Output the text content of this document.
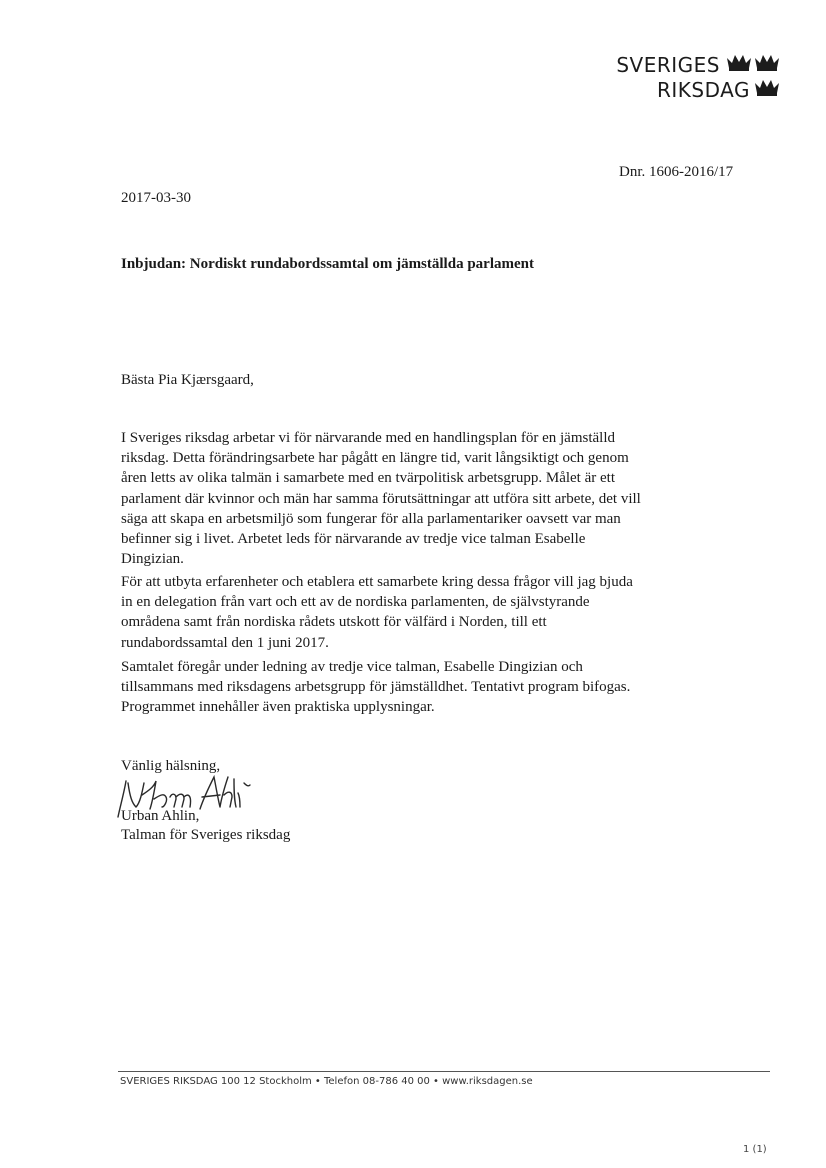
SVERIGES
RIKSDAG
Dnr. 1606-2016/17
2017-03-30
Inbjudan: Nordiskt rundabordssamtal om jämställda parlament
Bästa Pia Kjærsgaard,
I Sveriges riksdag arbetar vi för närvarande med en handlingsplan för en jämställd riksdag. Detta förändringsarbete har pågått en längre tid, varit långsiktigt och genom åren letts av olika talmän i samarbete med en tvärpolitisk arbetsgrupp. Målet är ett parlament där kvinnor och män har samma förutsättningar att utföra sitt arbete, det vill säga att skapa en arbetsmiljö som fungerar för alla parlamentariker oavsett var man befinner sig i livet. Arbetet leds för närvarande av tredje vice talman Esabelle Dingizian.
För att utbyta erfarenheter och etablera ett samarbete kring dessa frågor vill jag bjuda in en delegation från vart och ett av de nordiska parlamenten, de självstyrande områdena samt från nordiska rådets utskott för välfärd i Norden, till ett rundabordssamtal den 1 juni 2017.
Samtalet föregår under ledning av tredje vice talman, Esabelle Dingizian och tillsammans med riksdagens arbetsgrupp för jämställdhet. Tentativt program bifogas. Programmet innehåller även praktiska upplysningar.
Vänlig hälsning,
Urban Ahlin,
Talman för Sveriges riksdag
SVERIGES RIKSDAG 100 12 Stockholm • Telefon 08-786 40 00 • www.riksdagen.se
1 (1)
